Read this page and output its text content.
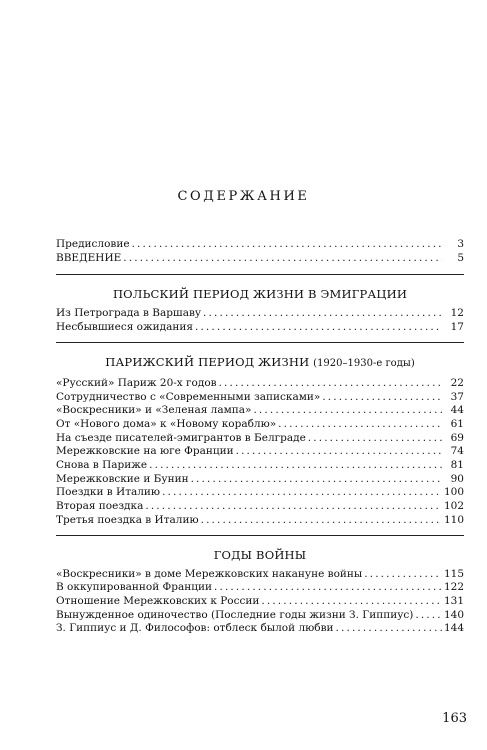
СОДЕРЖАНИЕ
Предисловие . . .	3
ВВЕДЕНИЕ . . .	5
ПОЛЬСКИЙ ПЕРИОД ЖИЗНИ В ЭМИГРАЦИИ
Из Петрограда в Варшаву . . .	12
Несбывшиеся ожидания . . .	17
ПАРИЖСКИЙ ПЕРИОД ЖИЗНИ (1920–1930-е годы)
«Русский» Париж 20-х годов . . .	22
Сотрудничество с «Современными записками» . . .	37
«Воскресники» и «Зеленая лампа» . . .	44
От «Нового дома» к «Новому кораблю» . . .	61
На съезде писателей-эмигрантов в Белграде . . .	69
Мережковские на юге Франции . . .	74
Снова в Париже . . .	81
Мережковские и Бунин . . .	90
Поездки в Италию . . .	100
Вторая поездка . . .	102
Третья поездка в Италию . . .	110
ГОДЫ ВОЙНЫ
«Воскресники» в доме Мережковских накануне войны . . .	115
В оккупированной Франции . . .	122
Отношение Мережковских к России . . .	131
Вынужденное одиночество (Последние годы жизни З. Гиппиус) . . .	140
З. Гиппиус и Д. Философов: отблеск былой любви . . .	144
163
